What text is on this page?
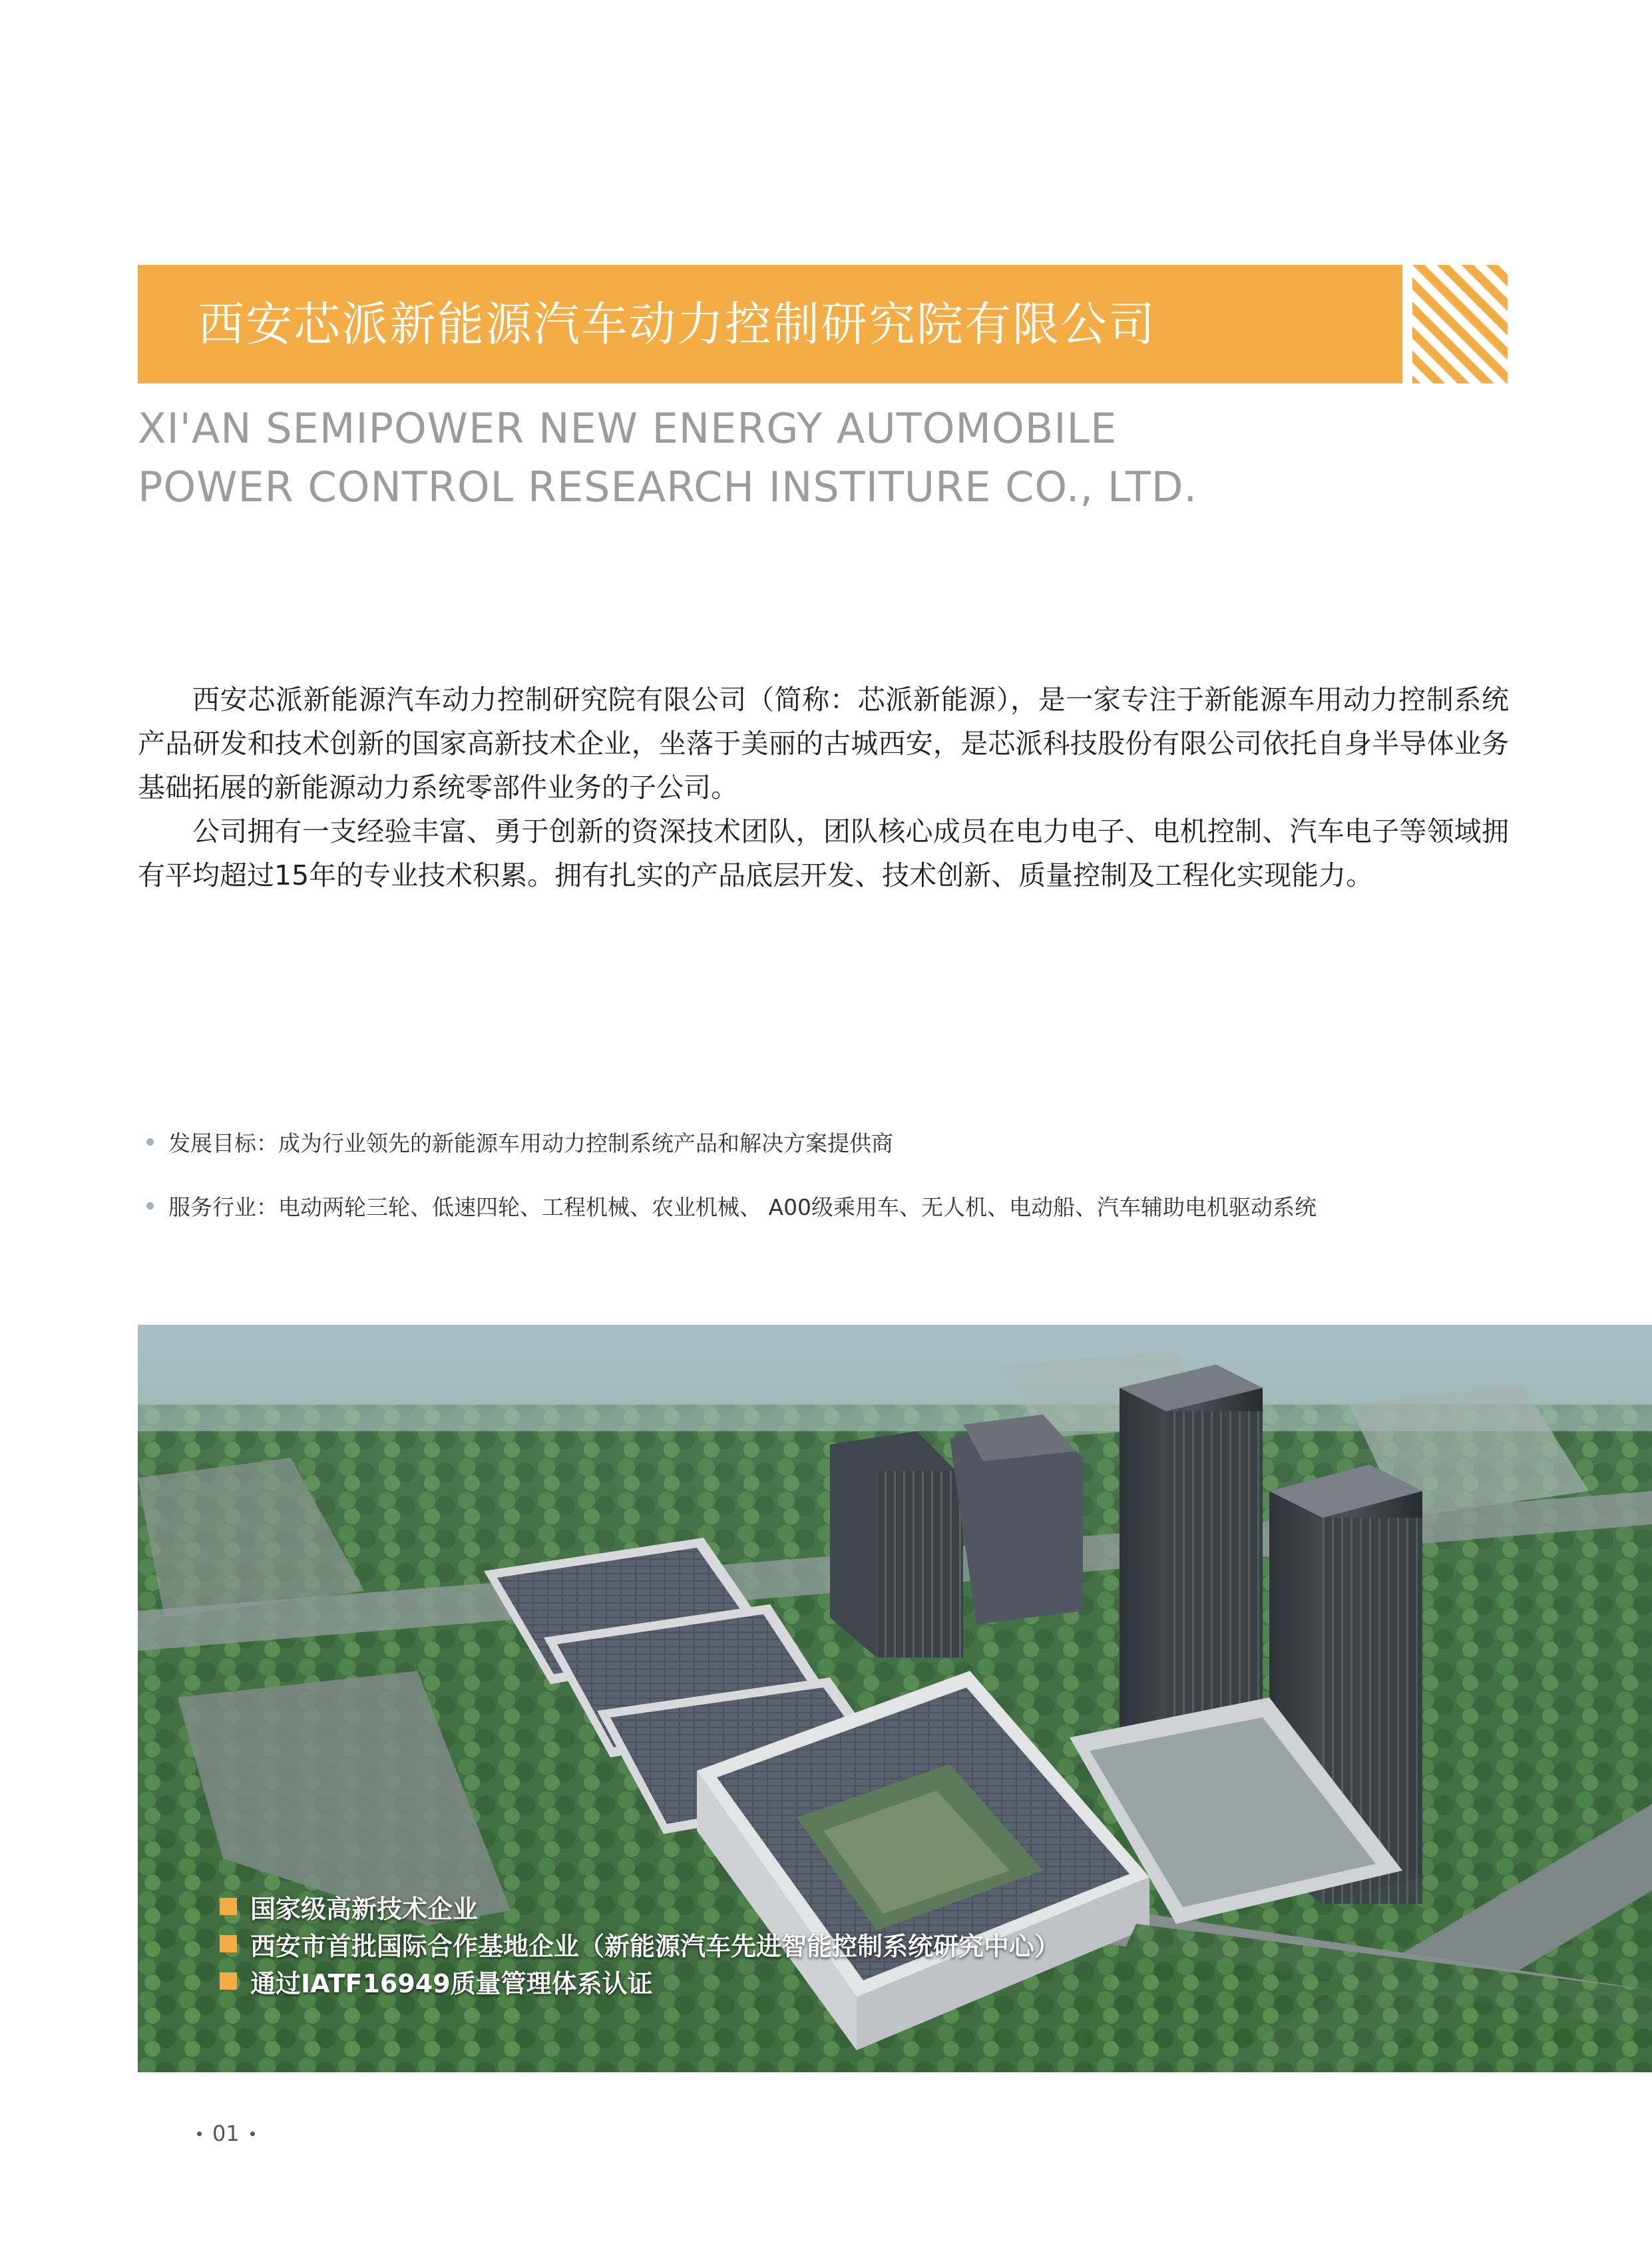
西安芯派新能源汽车动力控制研究院有限公司
XI'AN SEMIPOWER NEW ENERGY AUTOMOBILE
POWER CONTROL RESEARCH INSTITURE CO., LTD.

西安芯派新能源汽车动力控制研究院有限公司（简称：芯派新能源），是一家专注于新能源车用动力控制系统产品研发和技术创新的国家高新技术企业，坐落于美丽的古城西安，是芯派科技股份有限公司依托自身半导体业务基础拓展的新能源动力系统零部件业务的子公司。

公司拥有一支经验丰富、勇于创新的资深技术团队，团队核心成员在电力电子、电机控制、汽车电子等领域拥有平均超过15年的专业技术积累。拥有扎实的产品底层开发、技术创新、质量控制及工程化实现能力。

发展目标：成为行业领先的新能源车用动力控制系统产品和解决方案提供商
服务行业：电动两轮三轮、低速四轮、工程机械、农业机械、 A00级乘用车、无人机、电动船、汽车辅助电机驱动系统
国家级高新技术企业
西安市首批国际合作基地企业（新能源汽车先进智能控制系统研究中心）
通过IATF16949质量管理体系认证
01
